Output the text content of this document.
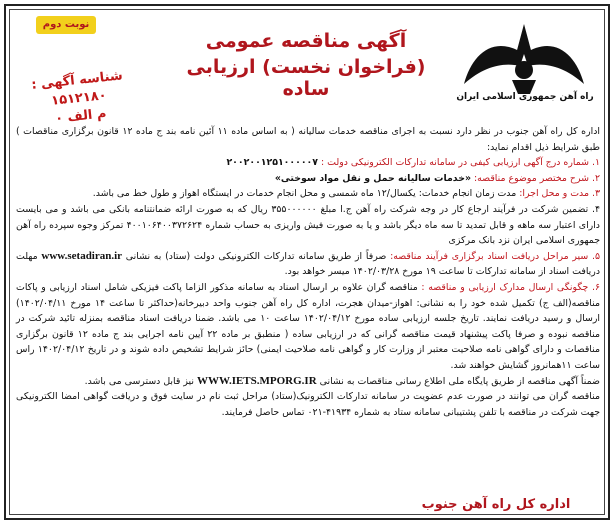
راه آهن جمهوری اسلامی ایران
نوبت دوم
آگهی مناقصه عمومی
(فراخوان نخست) ارزیابی ساده
شناسه آگهی : ۱۵۱۲۱۸۰
م الف ۰

اداره کل راه آهن جنوب در نظر دارد نسبت به اجرای مناقصه خدمات سالیانه ( به اساس ماده ۱۱ آئین نامه بند ج ماده ۱۲ قانون برگزاری مناقصات ) طبق شرایط ذیل اقدام نماید:

۱. شماره درج آگهی ارزیابی کیفی در سامانه تدارکات الکترونیکی دولت : ۲۰۰۲۰۰۱۲۵۱۰۰۰۰۰۷

۲. شرح مختصر موضوع مناقصه: «خدمات سالیانه حمل و نقل مواد سوختی»

۳. مدت و محل اجرا: مدت زمان انجام خدمات: یکسال/۱۲ ماه شمسی و محل انجام خدمات در ایستگاه اهواز و طول خط می باشد.

۴. تضمین شرکت در فرآیند ارجاع کار در وجه شرکت راه آهن ج.ا مبلغ ۳۵۵۰۰۰۰۰۰ ریال که به صورت ارائه ضمانتنامه بانکی می باشد و می بایست دارای اعتبار سه ماهه و قابل تمدید تا سه ماه دیگر باشد و یا به صورت فیش واریزی به حساب شماره ۴۰۰۱۰۶۴۰۰۳۷۲۶۲۴ تمرکز وجوه سپرده راه آهن جمهوری اسلامی ایران نزد بانک مرکزی

۵. سیر مراحل دریافت اسناد برگزاری فرآیند مناقصه: صرفاً از طریق سامانه تدارکات الکترونیکی دولت (ستاد) به نشانی www.setadiran.ir مهلت دریافت اسناد از سامانه تدارکات تا ساعت ۱۹ مورخ ۱۴۰۲/۰۳/۲۸ میسر خواهد بود.

۶. چگونگی ارسال مدارک ارزیابی و مناقصه : مناقصه گران علاوه بر ارسال اسناد به سامانه مذکور الزاما پاکت فیزیکی شامل اسناد ارزیابی و پاکات مناقصه(الف ج) تکمیل شده خود را به نشانی: اهواز-میدان هجرت، اداره کل راه آهن جنوب واحد دبیرخانه(حداکثر تا ساعت ۱۴ مورخ ۱۴۰۲/۰۴/۱۱) ارسال و رسید دریافت نمایند. تاریخ جلسه ارزیابی ساده مورخ ۱۴۰۲/۰۴/۱۲ ساعت ۱۰ می باشد. ضمنا دریافت اسناد مناقصه بمنزله تائید شرکت در مناقصه نبوده و صرفا پاکت پیشنهاد قیمت مناقصه گرانی که در ارزیابی ساده ( منطبق بر ماده ۲۲ آیین نامه اجرایی بند ج ماده ۱۲ قانون برگزاری مناقصات و دارای گواهی نامه صلاحیت معتبر از وزارت کار و گواهی نامه صلاحیت ایمنی) حائز شرایط تشخیص داده شوند و در تاریخ ۱۴۰۲/۰۴/۱۲ راس ساعت ۱۱همانروز گشایش خواهند شد.

ضمناً آگهی مناقصه از طریق پایگاه ملی اطلاع رسانی مناقصات به نشانی WWW.IETS.MPORG.IR نیز قابل دسترسی می باشد.

مناقصه گران می توانند در صورت عدم عضویت در سامانه تدارکات الکترونیک(ستاد) مراحل ثبت نام در سایت فوق و دریافت گواهی امضا الکترونیکی جهت شرکت در مناقصه با تلفن پشتیبانی سامانه ستاد به شماره ۴۱۹۳۴-۰۲۱ تماس حاصل فرمایند.

اداره کل راه آهن جنوب
